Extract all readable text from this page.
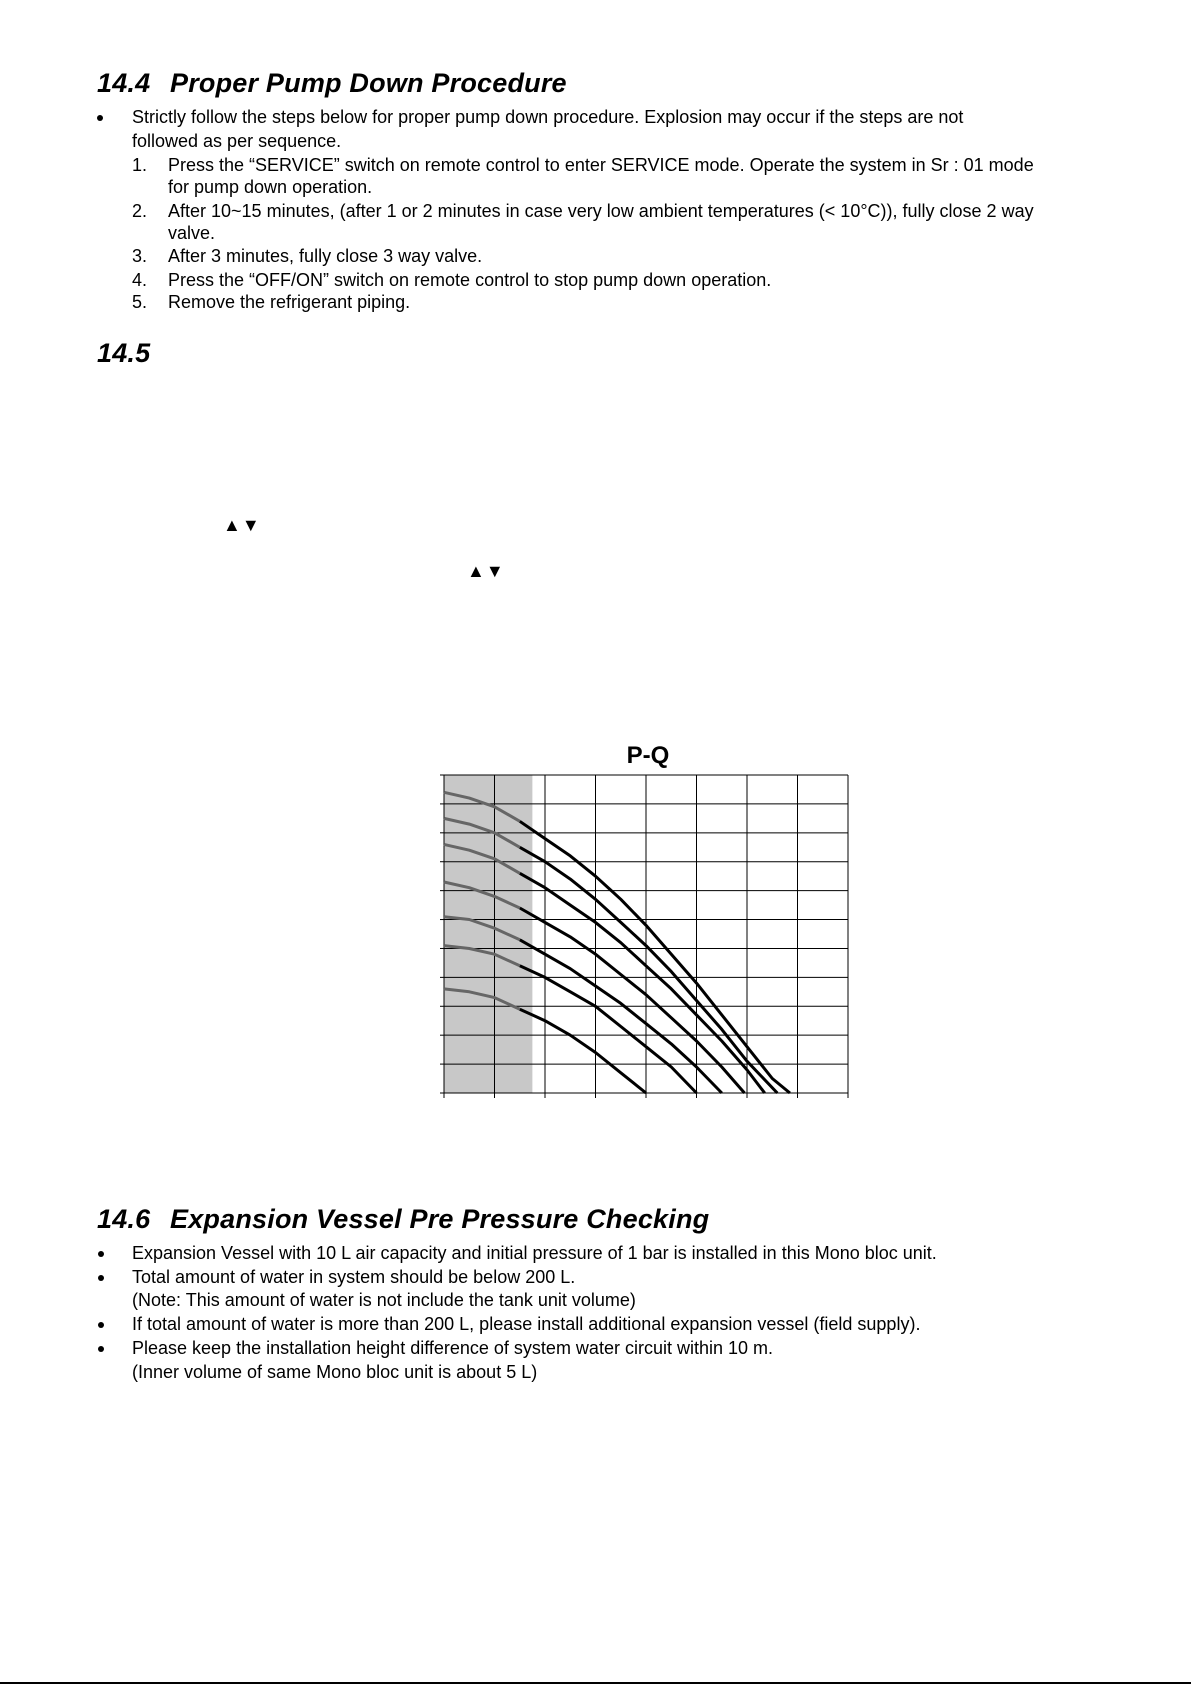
14.4 Proper Pump Down Procedure
Strictly follow the steps below for proper pump down procedure. Explosion may occur if the steps are not
followed as per sequence.
1. Press the “SERVICE” switch on remote control to enter SERVICE mode. Operate the system in Sr : 01 mode
for pump down operation.
2. After 10~15 minutes, (after 1 or 2 minutes in case very low ambient temperatures (< 10°C)), fully close 2 way
valve.
3. After 3 minutes, fully close 3 way valve.
4. Press the “OFF/ON” switch on remote control to stop pump down operation.
5. Remove the refrigerant piping.
14.5
▲▼
▲▼
P-Q
14.6 Expansion Vessel Pre Pressure Checking
Expansion Vessel with 10 L air capacity and initial pressure of 1 bar is installed in this Mono bloc unit.
Total amount of water in system should be below 200 L.
(Note: This amount of water is not include the tank unit volume)
If total amount of water is more than 200 L, please install additional expansion vessel (field supply).
Please keep the installation height difference of system water circuit within 10 m.
(Inner volume of same Mono bloc unit is about 5 L)
